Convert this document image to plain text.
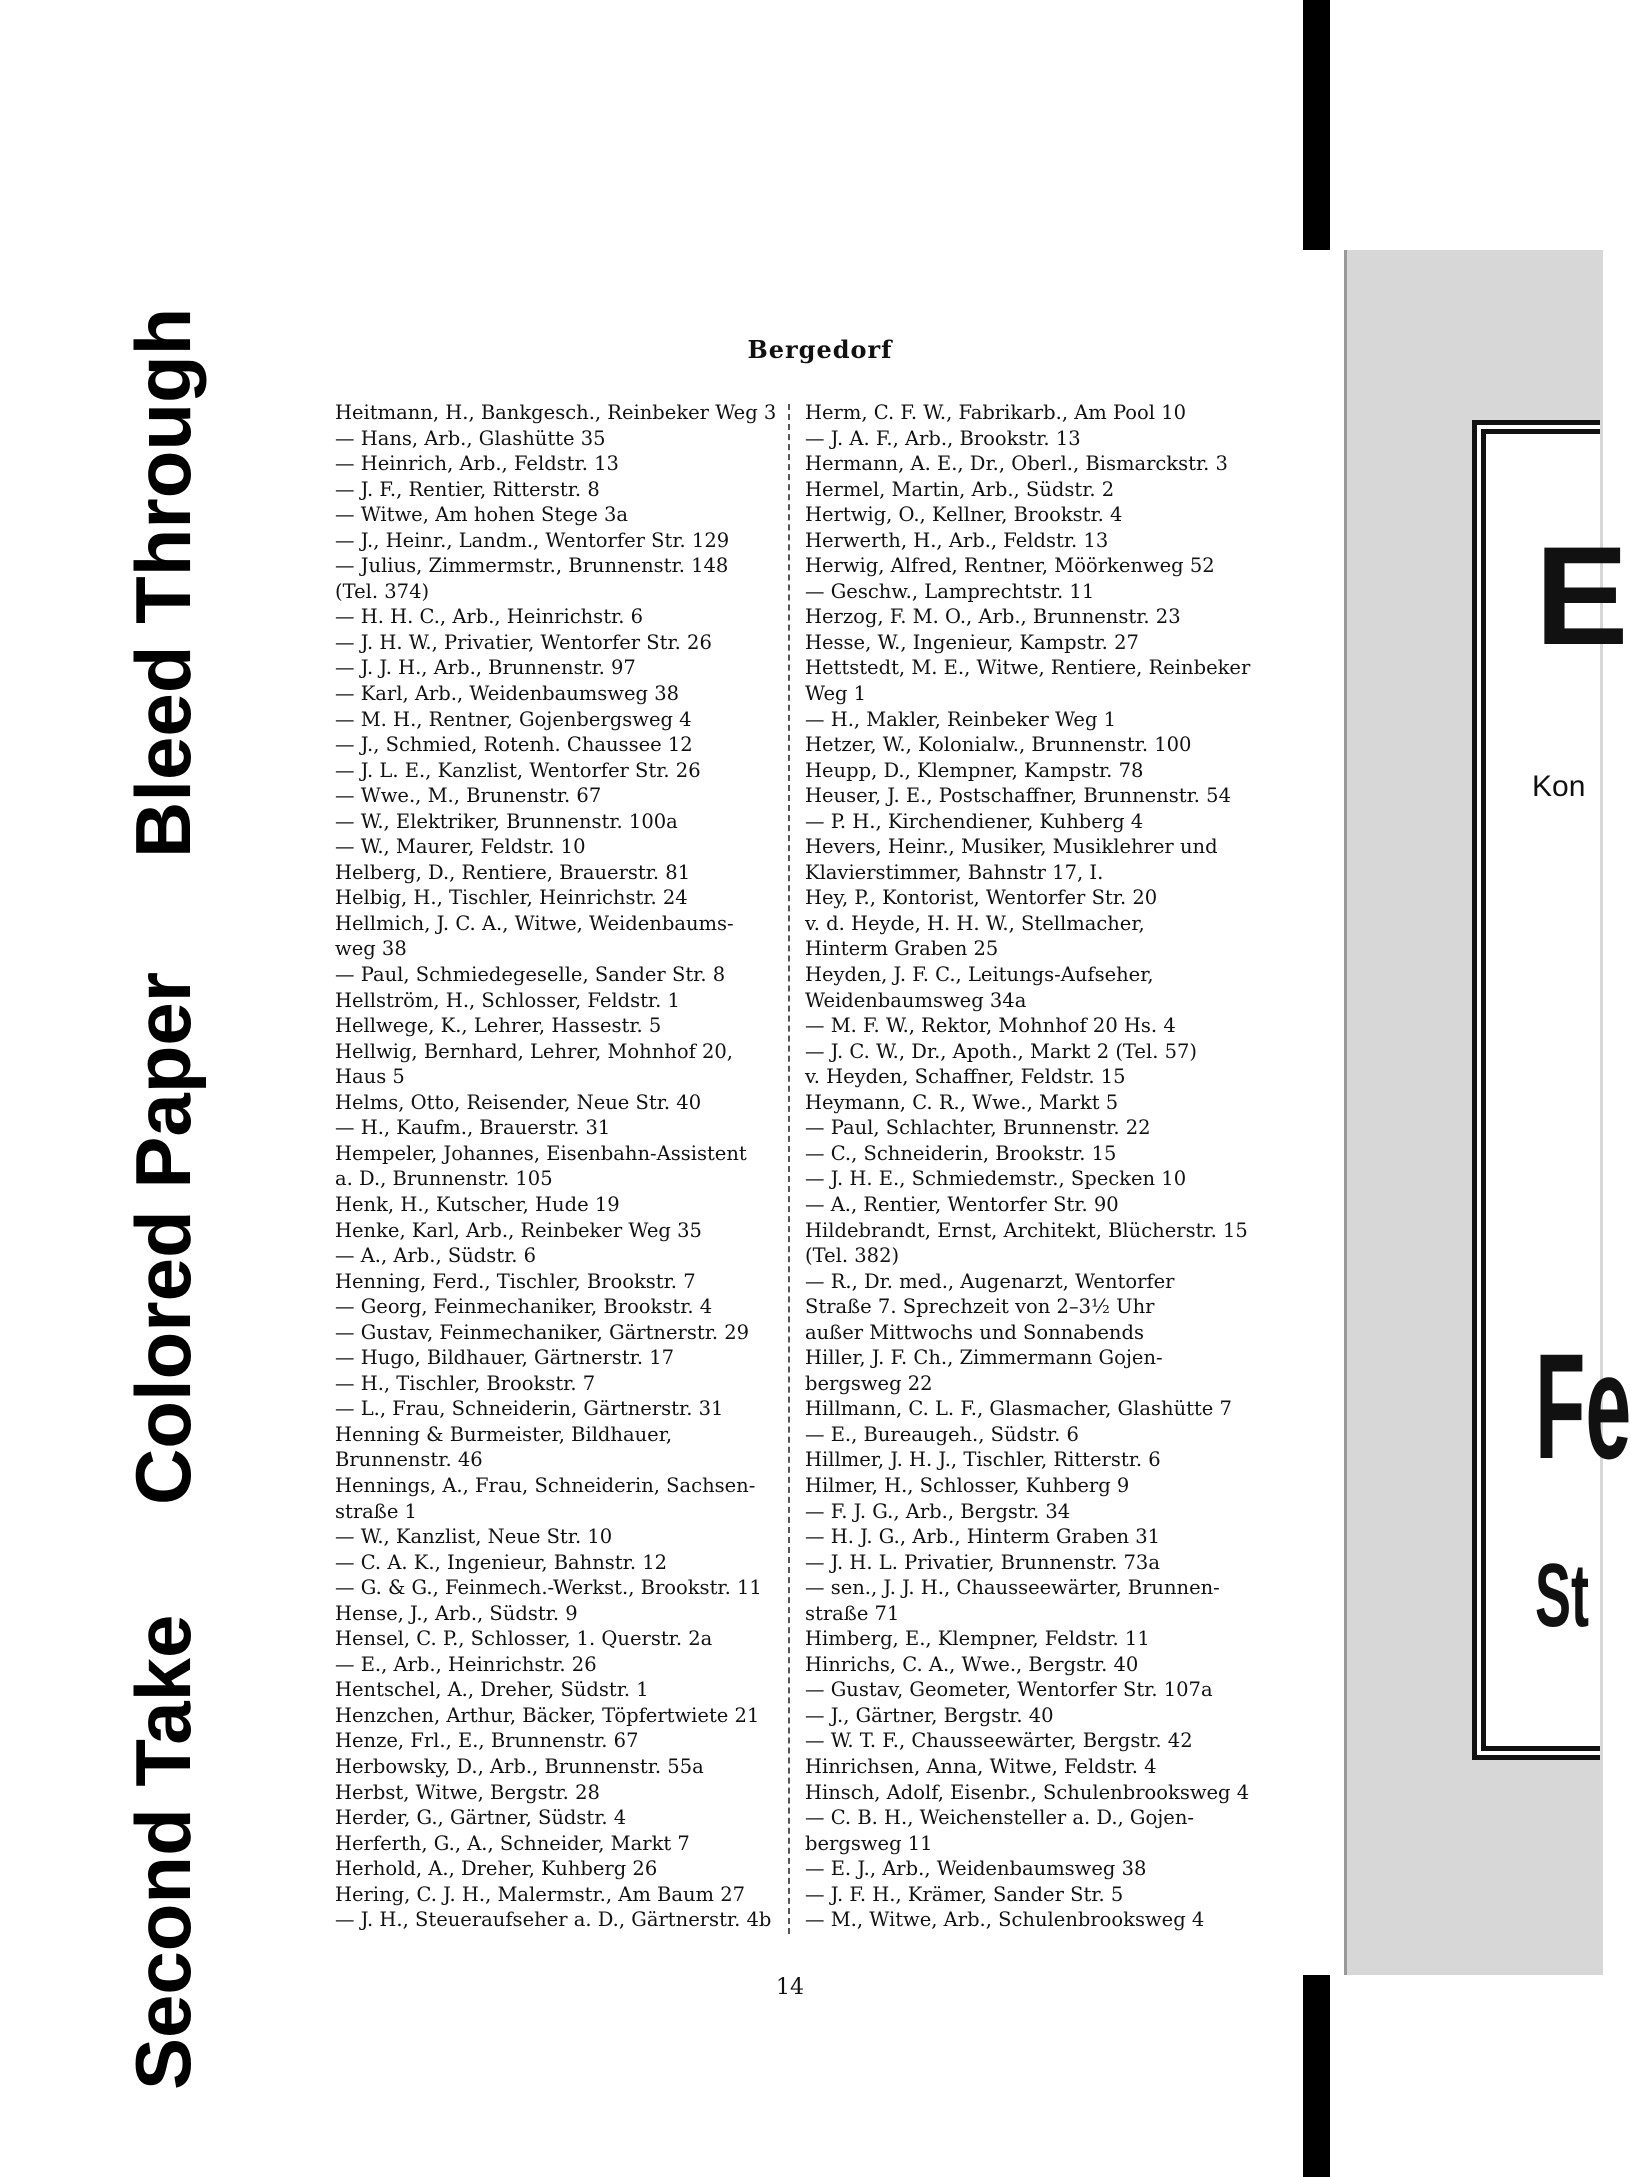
Bleed Through
Colored Paper
Second Take
Bergedorf
Heitmann, H., Bankgesch., Reinbeker Weg 3
— Hans, Arb., Glashütte 35
— Heinrich, Arb., Feldstr. 13
— J. F., Rentier, Ritterstr. 8
— Witwe, Am hohen Stege 3a
— J., Heinr., Landm., Wentorfer Str. 129
— Julius, Zimmermstr., Brunnenstr. 148
(Tel. 374)
— H. H. C., Arb., Heinrichstr. 6
— J. H. W., Privatier, Wentorfer Str. 26
— J. J. H., Arb., Brunnenstr. 97
— Karl, Arb., Weidenbaumsweg 38
— M. H., Rentner, Gojenbergsweg 4
— J., Schmied, Rotenh. Chaussee 12
— J. L. E., Kanzlist, Wentorfer Str. 26
— Wwe., M., Brunenstr. 67
— W., Elektriker, Brunnenstr. 100a
— W., Maurer, Feldstr. 10
Helberg, D., Rentiere, Brauerstr. 81
Helbig, H., Tischler, Heinrichstr. 24
Hellmich, J. C. A., Witwe, Weidenbaums-
weg 38
— Paul, Schmiedegeselle, Sander Str. 8
Hellström, H., Schlosser, Feldstr. 1
Hellwege, K., Lehrer, Hassestr. 5
Hellwig, Bernhard, Lehrer, Mohnhof 20,
Haus 5
Helms, Otto, Reisender, Neue Str. 40
— H., Kaufm., Brauerstr. 31
Hempeler, Johannes, Eisenbahn-Assistent
a. D., Brunnenstr. 105
Henk, H., Kutscher, Hude 19
Henke, Karl, Arb., Reinbeker Weg 35
— A., Arb., Südstr. 6
Henning, Ferd., Tischler, Brookstr. 7
— Georg, Feinmechaniker, Brookstr. 4
— Gustav, Feinmechaniker, Gärtnerstr. 29
— Hugo, Bildhauer, Gärtnerstr. 17
— H., Tischler, Brookstr. 7
— L., Frau, Schneiderin, Gärtnerstr. 31
Henning & Burmeister, Bildhauer,
Brunnenstr. 46
Hennings, A., Frau, Schneiderin, Sachsen-
straße 1
— W., Kanzlist, Neue Str. 10
— C. A. K., Ingenieur, Bahnstr. 12
— G. & G., Feinmech.-Werkst., Brookstr. 11
Hense, J., Arb., Südstr. 9
Hensel, C. P., Schlosser, 1. Querstr. 2a
— E., Arb., Heinrichstr. 26
Hentschel, A., Dreher, Südstr. 1
Henzchen, Arthur, Bäcker, Töpfertwiete 21
Henze, Frl., E., Brunnenstr. 67
Herbowsky, D., Arb., Brunnenstr. 55a
Herbst, Witwe, Bergstr. 28
Herder, G., Gärtner, Südstr. 4
Herferth, G., A., Schneider, Markt 7
Herhold, A., Dreher, Kuhberg 26
Hering, C. J. H., Malermstr., Am Baum 27
— J. H., Steueraufseher a. D., Gärtnerstr. 4b
Herm, C. F. W., Fabrikarb., Am Pool 10
— J. A. F., Arb., Brookstr. 13
Hermann, A. E., Dr., Oberl., Bismarckstr. 3
Hermel, Martin, Arb., Südstr. 2
Hertwig, O., Kellner, Brookstr. 4
Herwerth, H., Arb., Feldstr. 13
Herwig, Alfred, Rentner, Möörkenweg 52
— Geschw., Lamprechtstr. 11
Herzog, F. M. O., Arb., Brunnenstr. 23
Hesse, W., Ingenieur, Kampstr. 27
Hettstedt, M. E., Witwe, Rentiere, Reinbeker
Weg 1
— H., Makler, Reinbeker Weg 1
Hetzer, W., Kolonialw., Brunnenstr. 100
Heupp, D., Klempner, Kampstr. 78
Heuser, J. E., Postschaffner, Brunnenstr. 54
— P. H., Kirchendiener, Kuhberg 4
Hevers, Heinr., Musiker, Musiklehrer und
Klavierstimmer, Bahnstr 17, I.
Hey, P., Kontorist, Wentorfer Str. 20
v. d. Heyde, H. H. W., Stellmacher,
Hinterm Graben 25
Heyden, J. F. C., Leitungs-Aufseher,
Weidenbaumsweg 34a
— M. F. W., Rektor, Mohnhof 20 Hs. 4
— J. C. W., Dr., Apoth., Markt 2 (Tel. 57)
v. Heyden, Schaffner, Feldstr. 15
Heymann, C. R., Wwe., Markt 5
— Paul, Schlachter, Brunnenstr. 22
— C., Schneiderin, Brookstr. 15
— J. H. E., Schmiedemstr., Specken 10
— A., Rentier, Wentorfer Str. 90
Hildebrandt, Ernst, Architekt, Blücherstr. 15
(Tel. 382)
— R., Dr. med., Augenarzt, Wentorfer
Straße 7. Sprechzeit von 2–3½ Uhr
außer Mittwochs und Sonnabends
Hiller, J. F. Ch., Zimmermann Gojen-
bergsweg 22
Hillmann, C. L. F., Glasmacher, Glashütte 7
— E., Bureaugeh., Südstr. 6
Hillmer, J. H. J., Tischler, Ritterstr. 6
Hilmer, H., Schlosser, Kuhberg 9
— F. J. G., Arb., Bergstr. 34
— H. J. G., Arb., Hinterm Graben 31
— J. H. L. Privatier, Brunnenstr. 73a
— sen., J. J. H., Chausseewärter, Brunnen-
straße 71
Himberg, E., Klempner, Feldstr. 11
Hinrichs, C. A., Wwe., Bergstr. 40
— Gustav, Geometer, Wentorfer Str. 107a
— J., Gärtner, Bergstr. 40
— W. T. F., Chausseewärter, Bergstr. 42
Hinrichsen, Anna, Witwe, Feldstr. 4
Hinsch, Adolf, Eisenbr., Schulenbrooksweg 4
— C. B. H., Weichensteller a. D., Gojen-
bergsweg 11
— E. J., Arb., Weidenbaumsweg 38
— J. F. H., Krämer, Sander Str. 5
— M., Witwe, Arb., Schulenbrooksweg 4
14
E
Kon
Fe
St
